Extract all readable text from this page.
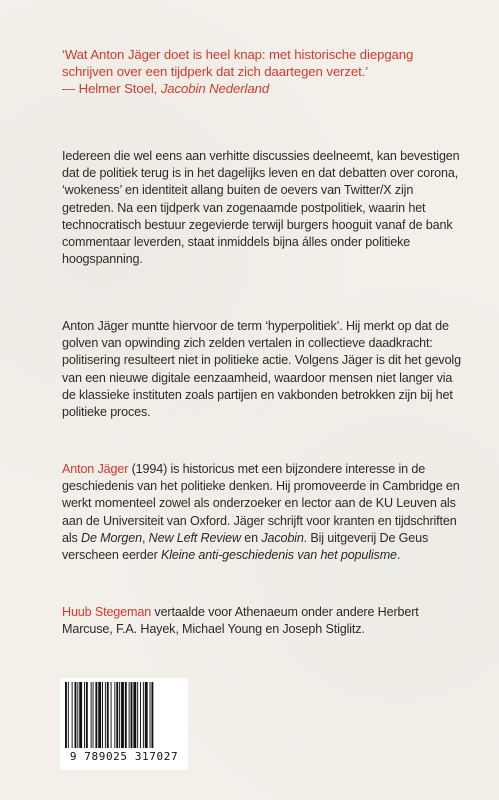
‘Wat Anton Jäger doet is heel knap: met historische diepgang schrijven over een tijdperk dat zich daartegen verzet.’

— Helmer Stoel, Jacobin Nederland

Iedereen die wel eens aan verhitte discussies deelneemt, kan bevestigen dat de politiek terug is in het dagelijks leven en dat debatten over corona, ‘wokeness’ en identiteit allang buiten de oevers van Twitter/X zijn getreden. Na een tijdperk van zogenaamde postpolitiek, waarin het technocratisch bestuur zegevierde terwijl burgers hooguit vanaf de bank commentaar leverden, staat inmiddels bijna álles onder politieke hoogspanning.

Anton Jäger muntte hiervoor de term ‘hyperpolitiek’. Hij merkt op dat de golven van opwinding zich zelden vertalen in collectieve daadkracht: politisering resulteert niet in politieke actie. Volgens Jäger is dit het gevolg van een nieuwe digitale eenzaamheid, waardoor mensen niet langer via de klassieke instituten zoals partijen en vakbonden betrokken zijn bij het politieke proces.

Anton Jäger (1994) is historicus met een bijzondere interesse in de geschiedenis van het politieke denken. Hij promoveerde in Cambridge en werkt momenteel zowel als onderzoeker en lector aan de KU Leuven als aan de Universiteit van Oxford. Jäger schrijft voor kranten en tijdschriften als De Morgen, New Left Review en Jacobin. Bij uitgeverij De Geus verscheen eerder Kleine anti-geschiedenis van het populisme.

Huub Stegeman vertaalde voor Athenaeum onder andere Herbert Marcuse, F.A. Hayek, Michael Young en Joseph Stiglitz.

9 789025 317027
